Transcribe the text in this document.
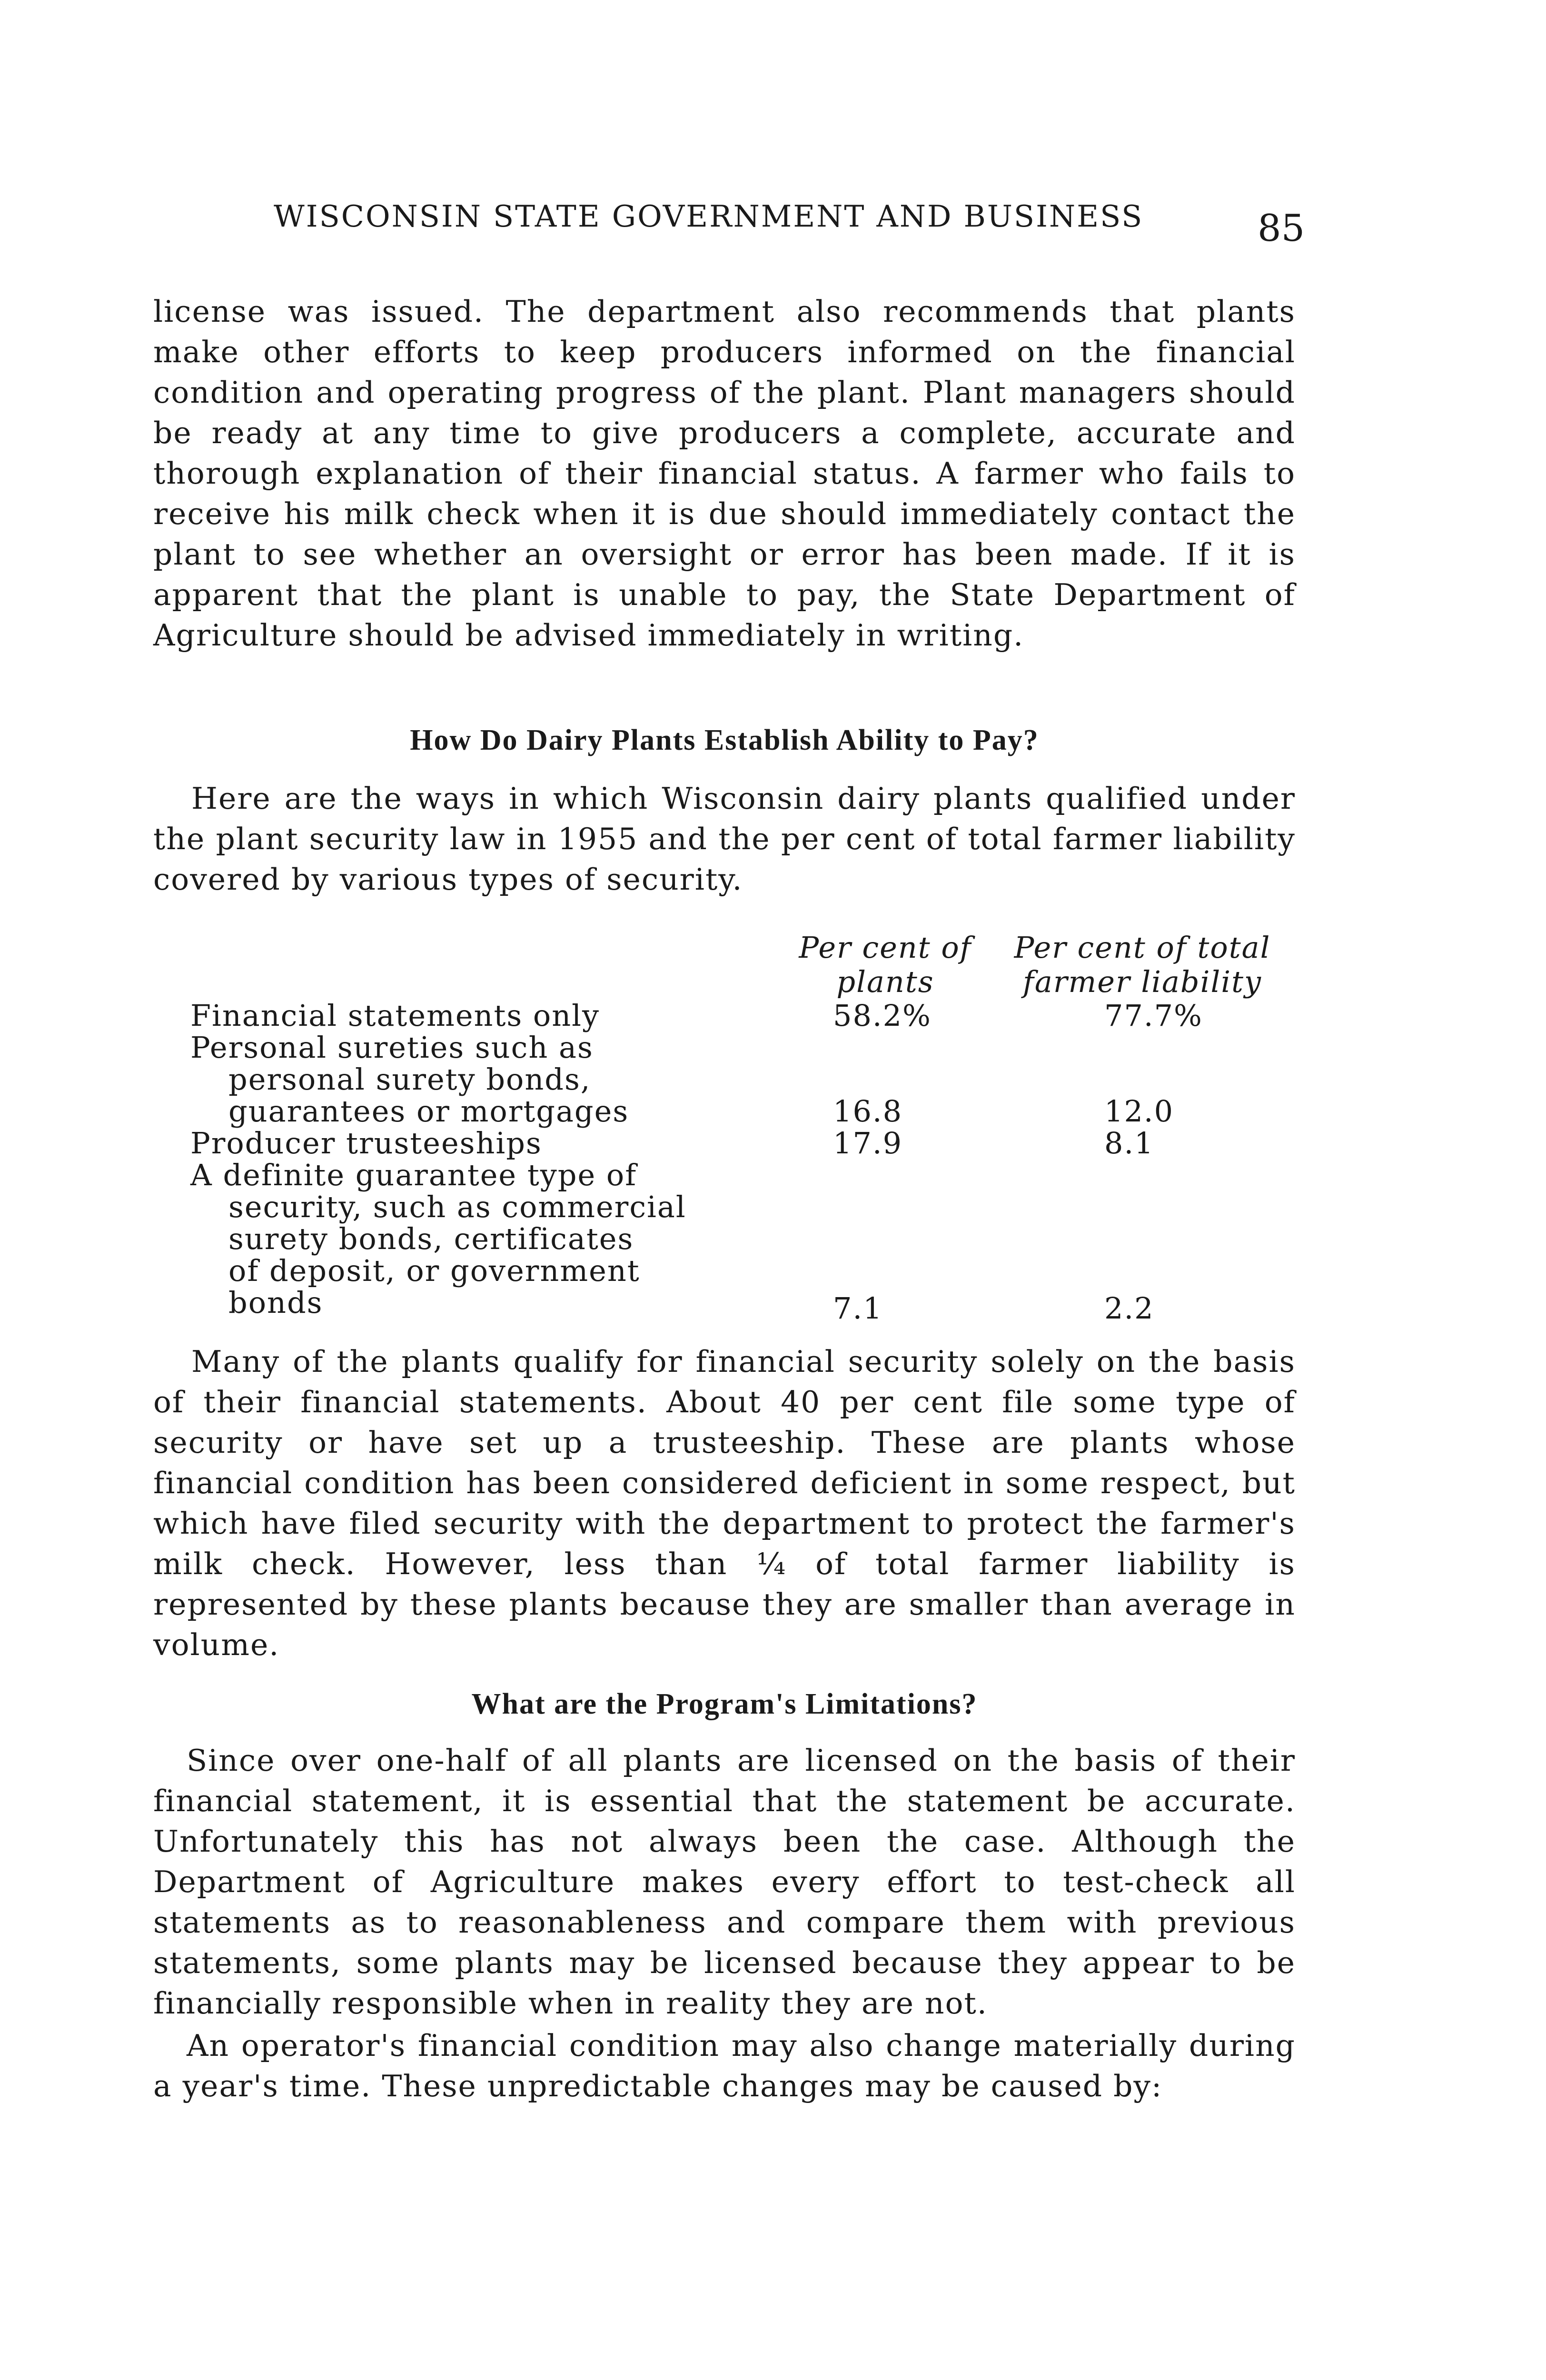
WISCONSIN STATE GOVERNMENT AND BUSINESS	85

license was issued. The department also recommends that plants make other efforts to keep producers informed on the financial condition and operating progress of the plant. Plant managers should be ready at any time to give producers a complete, accurate and thorough explanation of their financial status. A farmer who fails to receive his milk check when it is due should immediately contact the plant to see whether an oversight or error has been made. If it is apparent that the plant is unable to pay, the State Department of Agriculture should be advised immediately in writing.

How Do Dairy Plants Establish Ability to Pay?

Here are the ways in which Wisconsin dairy plants qualified under the plant security law in 1955 and the per cent of total farmer liability covered by various types of security.

Per cent of
plants
Per cent of total
farmer liability
Financial statements only	58.2%	77.7%
Personal sureties such as
personal surety bonds,
guarantees or mortgages	16.8	12.0
Producer trusteeships	17.9	8.1
A definite guarantee type of
security, such as commercial
surety bonds, certificates
of deposit, or government
bonds	7.1	2.2

Many of the plants qualify for financial security solely on the basis of their financial statements. About 40 per cent file some type of security or have set up a trusteeship. These are plants whose financial condition has been considered deficient in some respect, but which have filed security with the department to protect the farmer's milk check. However, less than ¼ of total farmer liability is represented by these plants because they are smaller than average in volume.

What are the Program's Limitations?

Since over one-half of all plants are licensed on the basis of their financial statement, it is essential that the statement be accurate. Unfortunately this has not always been the case. Although the Department of Agriculture makes every effort to test-check all statements as to reasonableness and compare them with previous statements, some plants may be licensed because they appear to be financially responsible when in reality they are not.

An operator's financial condition may also change materially during a year's time. These unpredictable changes may be caused by:
